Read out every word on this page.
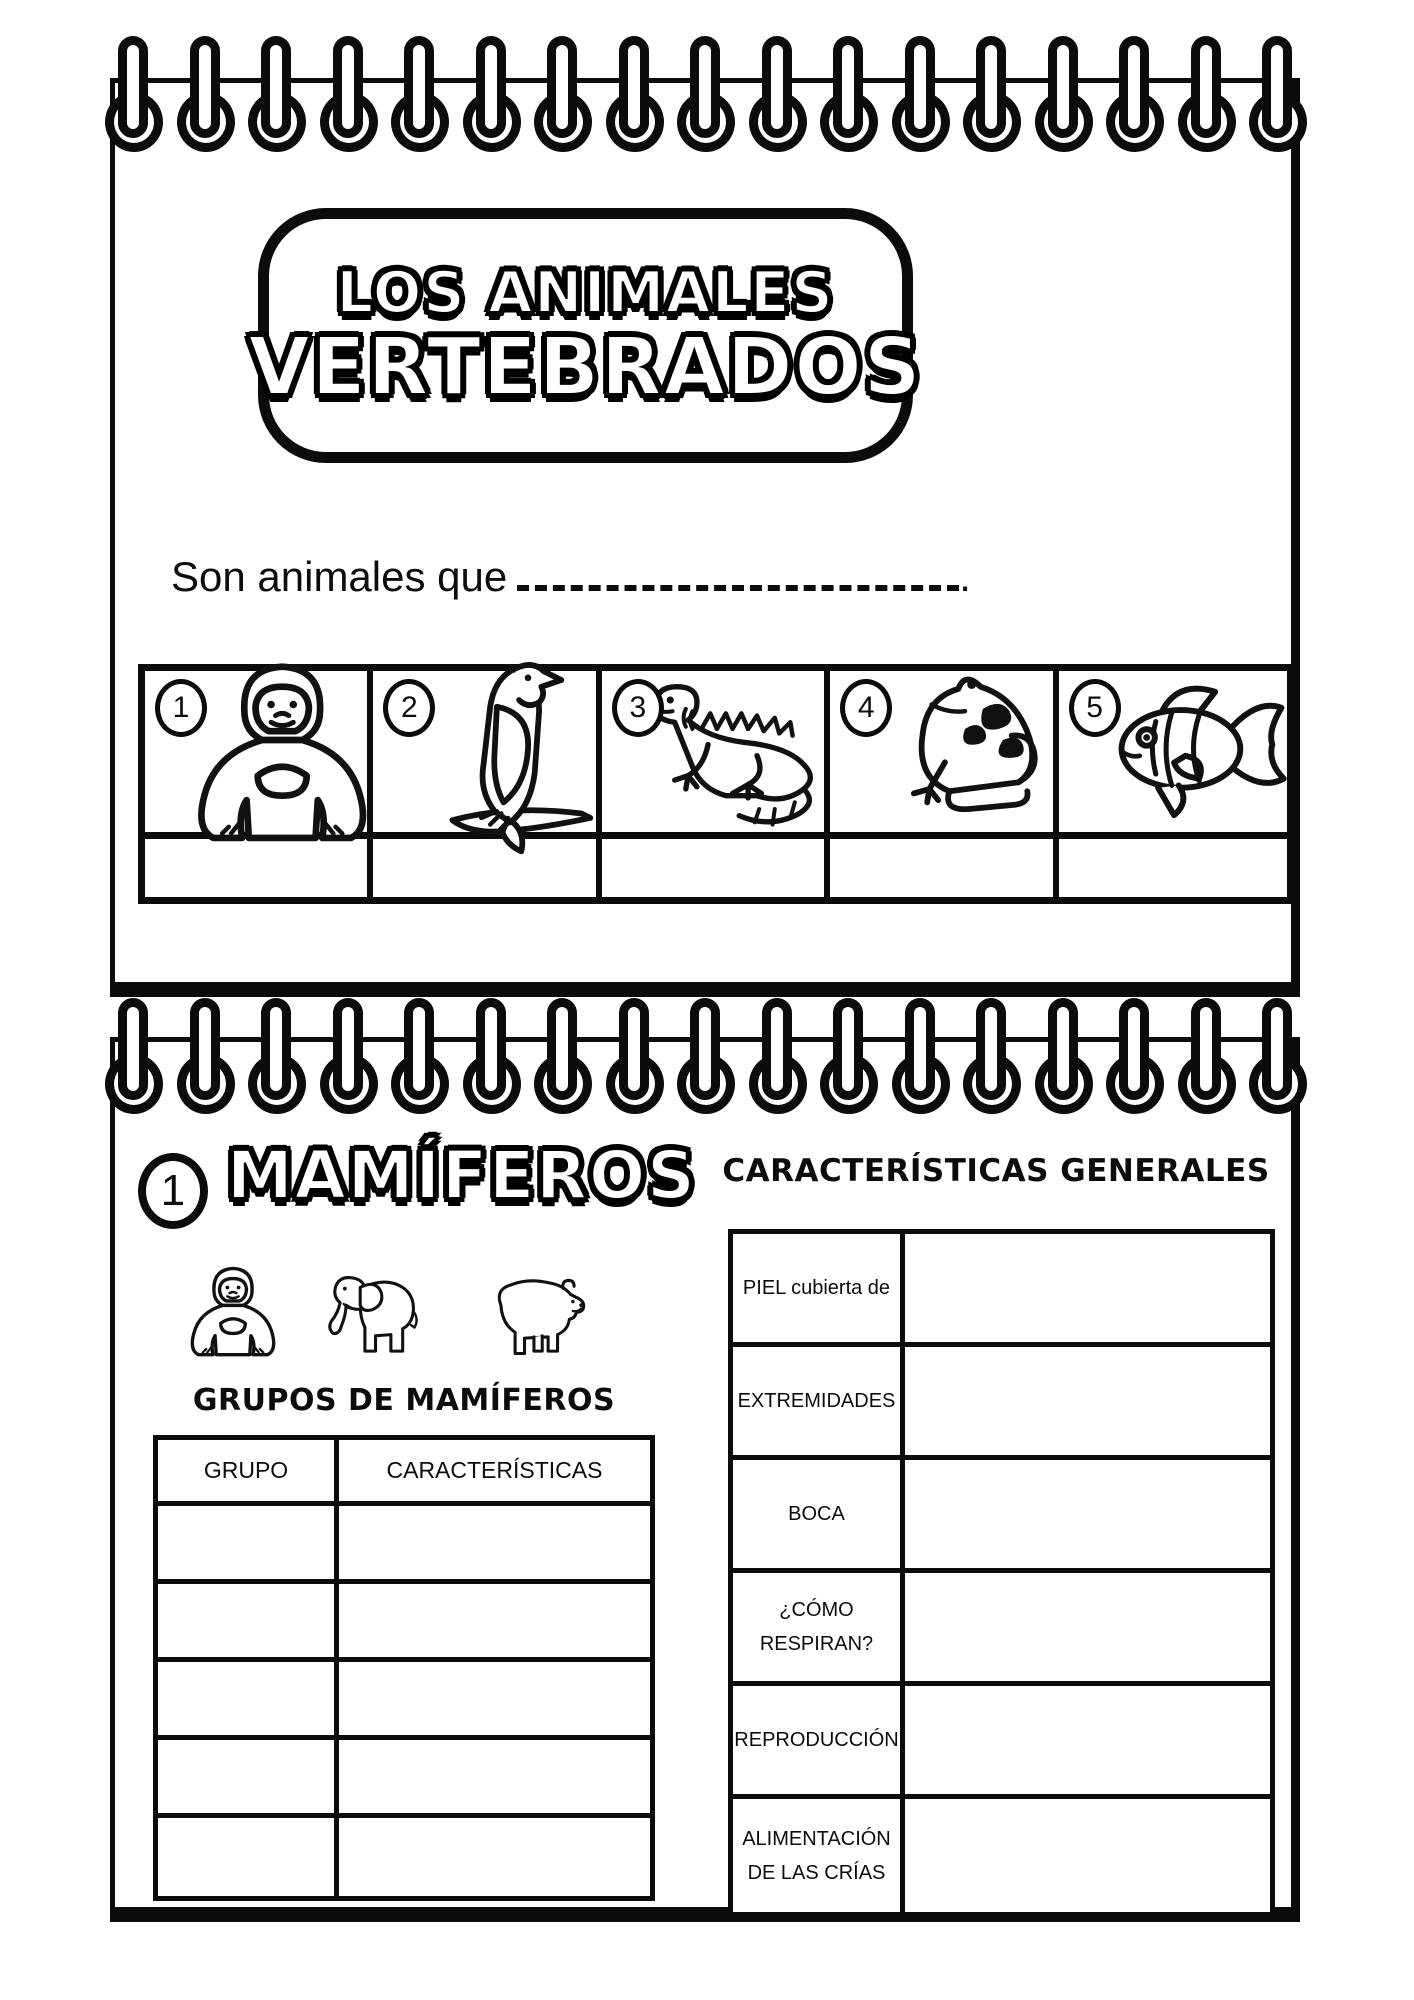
LOS ANIMALES
VERTEBRADOS
Son animales que	.
1	2	3	4	5
1 MAMÍFEROS
GRUPOS DE MAMÍFEROS
GRUPO	CARACTERÍSTICAS
CARACTERÍSTICAS GENERALES
PIEL cubierta de
EXTREMIDADES
BOCA
¿CÓMO RESPIRAN?
REPRODUCCIÓN
ALIMENTACIÓN DE LAS CRÍAS
